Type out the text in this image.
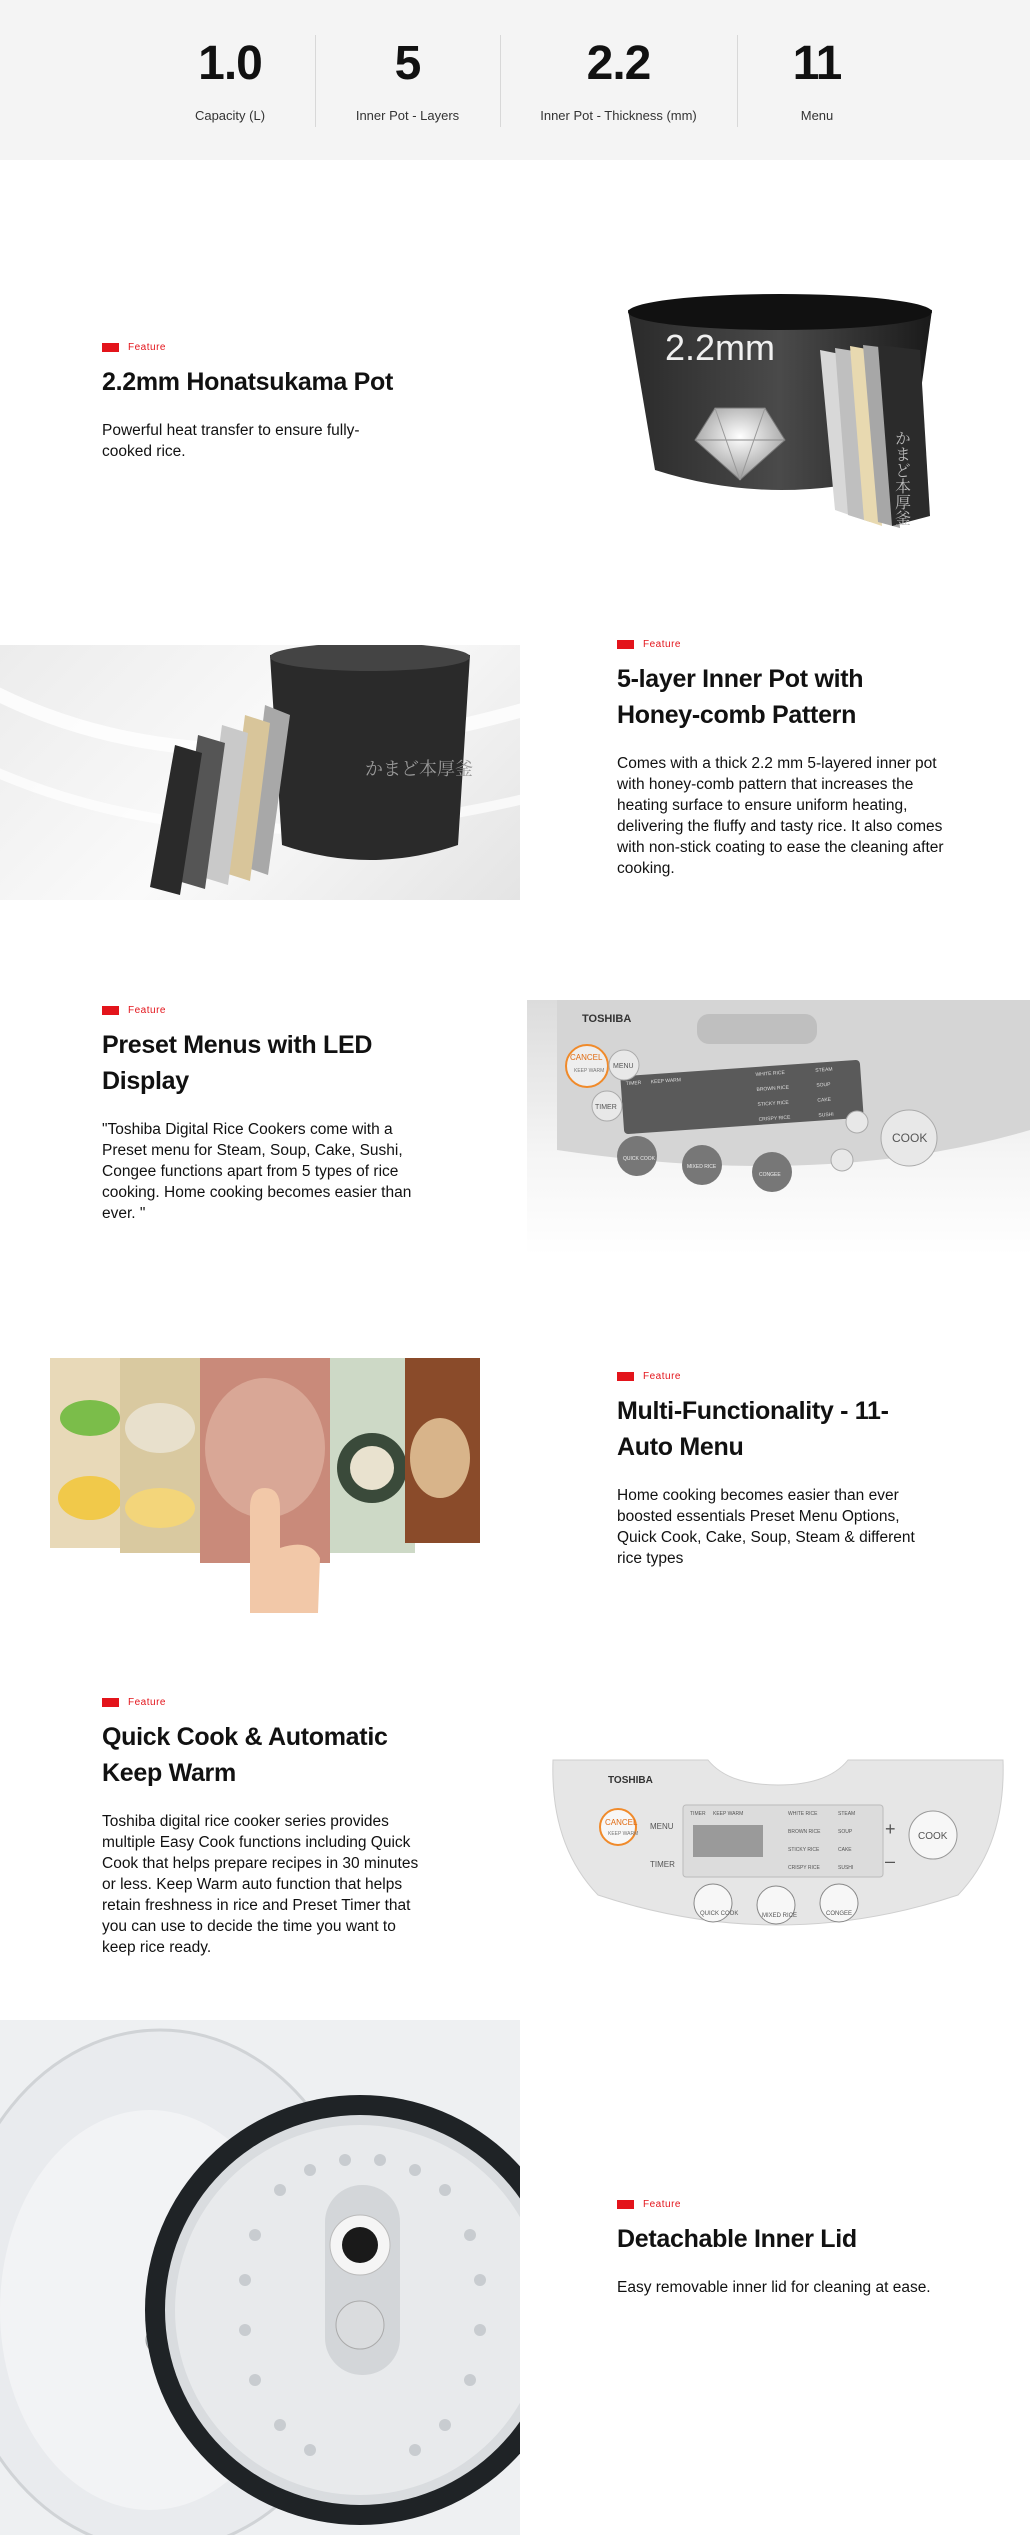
1.0
Capacity (L)
5
Inner Pot - Layers
2.2
Inner Pot - Thickness (mm)
11
Menu
Feature
2.2mm Honatsukama Pot

Powerful heat transfer to ensure fully-cooked rice.	かまど本厚釜
2.2mm
かまど本厚釜
Feature
5-layer Inner Pot with Honey-comb Pattern

Comes with a thick 2.2 mm 5-layered inner pot with honey-comb pattern that increases the heating surface to ensure uniform heating, delivering the fluffy and tasty rice. It also comes with non-stick coating to ease the cleaning after cooking.

Feature
Preset Menus with LED Display

"Toshiba Digital Rice Cookers come with a Preset menu for Steam, Soup, Cake, Sushi, Congee functions apart from 5 types of rice cooking. Home cooking becomes easier than ever. "

TOSHIBA
CANCEL
KEEP WARM
MENU
TIMER
COOK
QUICK COOK
MIXED RICE
CONGEE
TIMER KEEP WARM
WHITE RICE	STEAM
BROWN RICE	SOUP
STICKY RICE	CAKE
CRISPY RICE	SUSHI
Feature
Multi-Functionality - 11-Auto Menu

Home cooking becomes easier than ever boosted essentials Preset Menu Options, Quick Cook, Cake, Soup, Steam & different rice types

Feature
Quick Cook & Automatic Keep Warm

Toshiba digital rice cooker series provides multiple Easy Cook functions including Quick Cook that helps prepare recipes in 30 minutes or less. Keep Warm auto function that helps retain freshness in rice and Preset Timer that you can use to decide the time you want to keep rice ready.

TOSHIBA
CANCEL
KEEP WARM
MENU
TIMER
TIMER KEEP WARM	WHITE RICE	STEAM
BROWN RICE	SOUP
STICKY RICE	CAKE
CRISPY RICE	SUSHI
QUICK COOK	MIXED RICE	CONGEE
+
–
COOK
Feature
Detachable Inner Lid

Easy removable inner lid for cleaning at ease.
